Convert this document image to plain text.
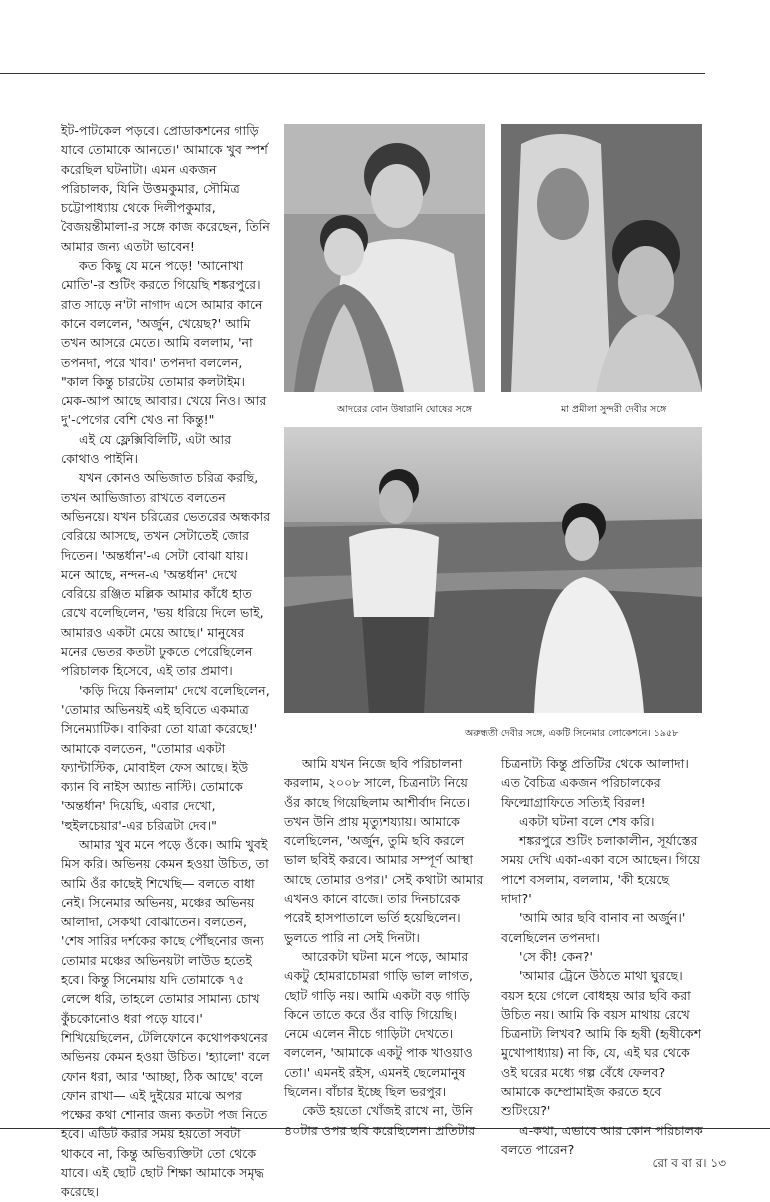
ইট-পাটকেল পড়বে। প্রোডাকশনের গাড়ি যাবে তোমাকে আনতে।' আমাকে খুব স্পর্শ করেছিল ঘটনাটা। এমন একজন পরিচালক, যিনি উত্তমকুমার, সৌমিত্র চট্টোপাধ্যায় থেকে দিলীপকুমার, বৈজয়ন্তীমালা-র সঙ্গে কাজ করেছেন, তিনি আমার জন্য এতটা ভাবেন!

কত কিছু যে মনে পড়ে! 'আনোখা মোতি'-র শুটিং করতে গিয়েছি শঙ্করপুরে। রাত সাড়ে ন'টা নাগাদ এসে আমার কানে কানে বললেন, 'অর্জুন, খেয়েছ?' আমি তখন আসরে মেতে। আমি বললাম, 'না তপনদা, পরে খাব।' তপনদা বললেন, "কাল কিন্তু চারটেয় তোমার কলটাইম। মেক-আপ আছে আবার। খেয়ে নিও। আর দু'-পেগের বেশি খেও না কিন্তু!"

এই যে ফ্লেক্সিবিলিটি, এটা আর কোথাও পাইনি।

যখন কোনও অভিজাত চরিত্র করছি, তখন আভিজাত্য রাখতে বলতেন অভিনয়ে। যখন চরিত্রের ভেতরের অন্ধকার বেরিয়ে আসছে, তখন সেটাতেই জোর দিতেন। 'অন্তর্ধান'-এ সেটা বোঝা যায়। মনে আছে, নন্দন-এ 'অন্তর্ধান' দেখে বেরিয়ে রঞ্জিত মল্লিক আমার কাঁধে হাত রেখে বলেছিলেন, 'ভয় ধরিয়ে দিলে ভাই, আমারও একটা মেয়ে আছে।' মানুষের মনের ভেতর কতটা ঢুকতে পেরেছিলেন পরিচালক হিসেবে, এই তার প্রমাণ।

'কড়ি দিয়ে কিনলাম' দেখে বলেছিলেন, 'তোমার অভিনয়ই এই ছবিতে একমাত্র সিনেম্যাটিক। বাকিরা তো যাত্রা করেছে!' আমাকে বলতেন, "তোমার একটা ফ্যান্টাস্টিক, মোবাইল ফেস আছে। ইউ ক্যান বি নাইস অ্যান্ড নাস্টি। তোমাকে 'অন্তর্ধান' দিয়েছি, এবার দেখো, 'হুইলচেয়ার'-এর চরিত্রটা দেব।"

আমার খুব মনে পড়ে ওঁকে। আমি খুবই মিস করি। অভিনয় কেমন হওয়া উচিত, তা আমি ওঁর কাছেই শিখেছি— বলতে বাধা নেই। সিনেমার অভিনয়, মঞ্চের অভিনয় আলাদা, সেকথা বোঝাতেন। বলতেন, 'শেষ সারির দর্শকের কাছে পৌঁছনোর জন্য তোমার মঞ্চের অভিনয়টা লাউড হতেই হবে। কিন্তু সিনেমায় যদি তোমাকে ৭৫ লেন্সে ধরি, তাহলে তোমার সামান্য চোখ কুঁচকোনোও ধরা পড়ে যাবে।' শিখিয়েছিলেন, টেলিফোনে কথোপকথনের অভিনয় কেমন হওয়া উচিত। 'হ্যালো' বলে ফোন ধরা, আর 'আচ্ছা, ঠিক আছে' বলে ফোন রাখা— এই দুইয়ের মাঝে অপর পক্ষের কথা শোনার জন্য কতটা পজ নিতে হবে। এডিট করার সময় হয়তো সবটা থাকবে না, কিন্তু অভিব্যক্তিটা তো থেকে যাবে। এই ছোট ছোট শিক্ষা আমাকে সমৃদ্ধ করেছে।

আদরের বোন উষারানি ঘোষের সঙ্গে	মা প্রমীলা সুন্দরী দেবীর সঙ্গে
অরুন্ধতী দেবীর সঙ্গে, একটি সিনেমার লোকেশনে। ১৯৫৮

আমি যখন নিজে ছবি পরিচালনা করলাম, ২০০৮ সালে, চিত্রনাট্য নিয়ে ওঁর কাছে গিয়েছিলাম আশীর্বাদ নিতে। তখন উনি প্রায় মৃত্যুশয্যায়। আমাকে বলেছিলেন, 'অর্জুন, তুমি ছবি করলে ভাল ছবিই করবে। আমার সম্পূর্ণ আস্থা আছে তোমার ওপর।' সেই কথাটা আমার এখনও কানে বাজে। তার দিনচারেক পরেই হাসপাতালে ভর্তি হয়েছিলেন। ভুলতে পারি না সেই দিনটা।

আরেকটা ঘটনা মনে পড়ে, আমার একটু হোমরাচোমরা গাড়ি ভাল লাগত, ছোট গাড়ি নয়। আমি একটা বড় গাড়ি কিনে তাতে করে ওঁর বাড়ি গিয়েছি। নেমে এলেন নীচে গাড়িটা দেখতে। বললেন, 'আমাকে একটু পাক খাওয়াও তো।' এমনই রইস, এমনই ছেলেমানুষ ছিলেন। বাঁচার ইচ্ছে ছিল ভরপুর।

কেউ হয়তো খোঁজই রাখে না, উনি ৪০টার ওপর ছবি করেছিলেন। প্রতিটার

চিত্রনাট্য কিন্তু প্রতিটির থেকে আলাদা। এত বৈচিত্র একজন পরিচালকের ফিল্মোগ্রাফিতে সত্যিই বিরল!

একটা ঘটনা বলে শেষ করি।

শঙ্করপুরে শুটিং চলাকালীন, সূর্যাস্তের সময় দেখি একা-একা বসে আছেন। গিয়ে পাশে বসলাম, বললাম, 'কী হয়েছে দাদা?'

'আমি আর ছবি বানাব না অর্জুন।' বলেছিলেন তপনদা।

'সে কী! কেন?'

'আমার ট্রেনে উঠতে মাথা ঘুরছে। বয়স হয়ে গেলে বোধহয় আর ছবি করা উচিত নয়। আমি কি বয়স মাথায় রেখে চিত্রনাট্য লিখব? আমি কি হৃষী (হৃষীকেশ মুখোপাধ্যায়) না কি, যে, এই ঘর থেকে ওই ঘরের মধ্যে গল্প বেঁধে ফেলব? আমাকে কম্প্রোমাইজ করতে হবে শুটিংয়ে?'

এ-কথা, এভাবে আর কোন পরিচালক বলতে পারেন?

রো ব বা র। ১৩
